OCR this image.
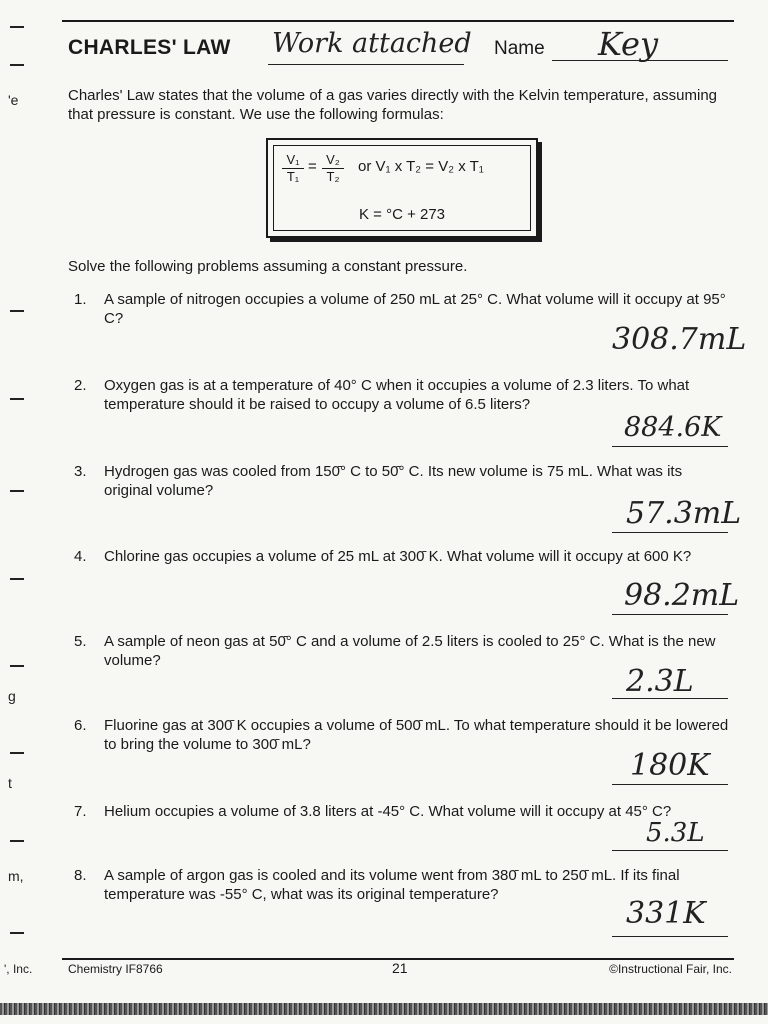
'e
g
t
m,
', Inc.
CHARLES' LAW Work attached Name Key
Charles' Law states that the volume of a gas varies directly with the Kelvin temperature, assuming that pressure is constant. We use the following formulas:
$\frac{\text{V₁}}{\text{T₁}} = \frac{\text{V₂}}{\text{T₂}}$ or V₁ x T₂ = V₂ x T₁
K = °C + 273
Solve the following problems assuming a constant pressure.
1.	A sample of nitrogen occupies a volume of 250 mL at 25° C. What volume will it occupy at 95° C?
308.7mL
2.	Oxygen gas is at a temperature of 40° C when it occupies a volume of 2.3 liters. To what temperature should it be raised to occupy a volume of 6.5 liters?
884.6K
3.	Hydrogen gas was cooled from 150̄° C to 50̄° C. Its new volume is 75 mL. What was its original volume?
57.3mL
4.	Chlorine gas occupies a volume of 25 mL at 300̄ K. What volume will it occupy at 600 K?
98.2mL
5.	A sample of neon gas at 50̄° C and a volume of 2.5 liters is cooled to 25° C. What is the new volume?
2.3L
6.	Fluorine gas at 300̄ K occupies a volume of 500̄ mL. To what temperature should it be lowered to bring the volume to 300̄ mL?
180K
7.	Helium occupies a volume of 3.8 liters at -45° C. What volume will it occupy at 45° C?
5.3L
8.	A sample of argon gas is cooled and its volume went from 380̄ mL to 250̄ mL. If its final temperature was -55° C, what was its original temperature?
331K
Chemistry IF8766	21	©Instructional Fair, Inc.
